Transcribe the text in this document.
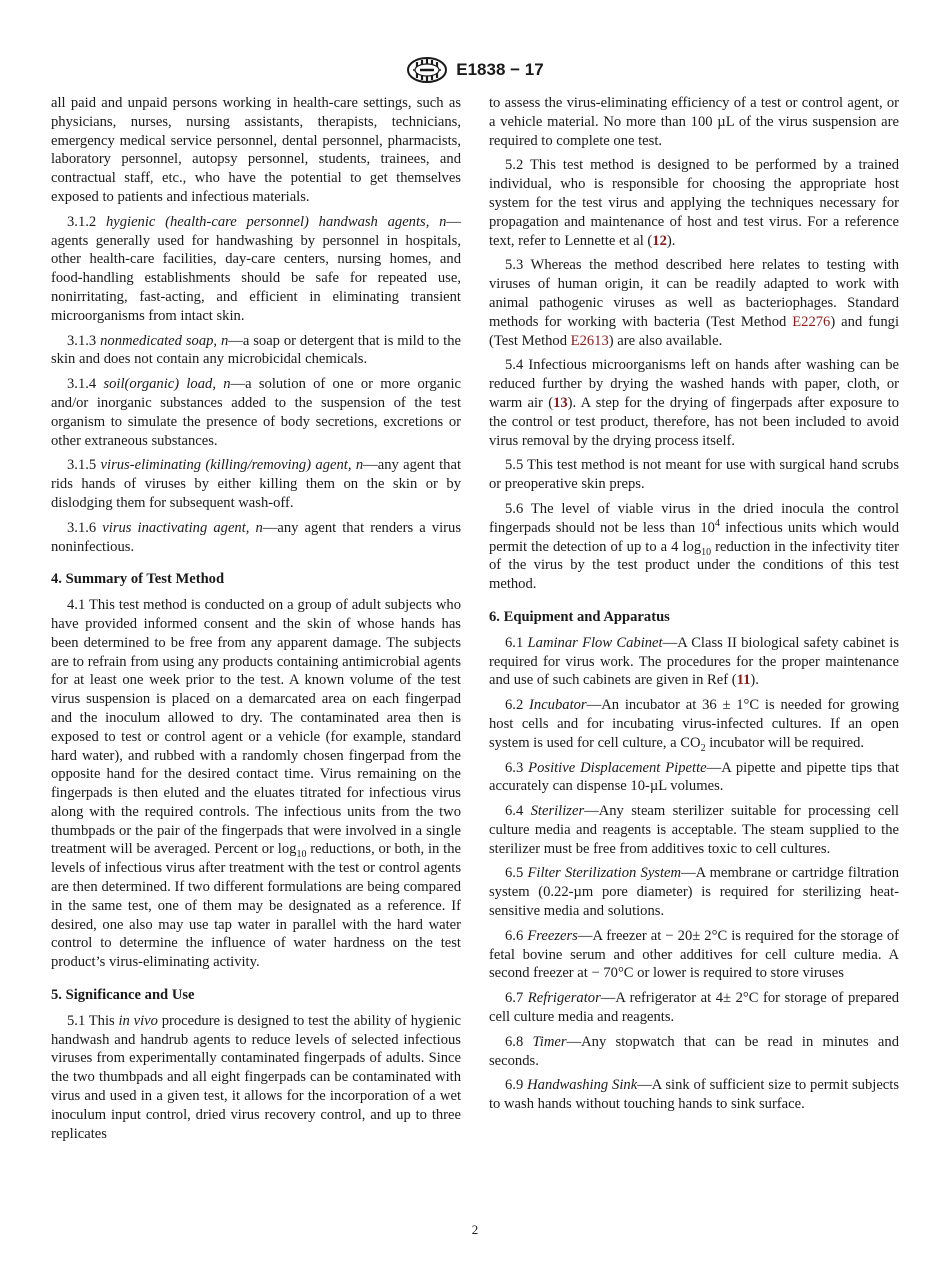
E1838 − 17

all paid and unpaid persons working in health-care settings, such as physicians, nurses, nursing assistants, therapists, technicians, emergency medical service personnel, dental personnel, pharmacists, laboratory personnel, autopsy personnel, students, trainees, and contractual staff, etc., who have the potential to get themselves exposed to patients and infectious materials.

3.1.2 hygienic (health-care personnel) handwash agents, n—agents generally used for handwashing by personnel in hospitals, other health-care facilities, day-care centers, nursing homes, and food-handling establishments should be safe for repeated use, nonirritating, fast-acting, and efficient in eliminating transient microorganisms from intact skin.

3.1.3 nonmedicated soap, n—a soap or detergent that is mild to the skin and does not contain any microbicidal chemicals.

3.1.4 soil(organic) load, n—a solution of one or more organic and/or inorganic substances added to the suspension of the test organism to simulate the presence of body secretions, excretions or other extraneous substances.

3.1.5 virus-eliminating (killing/removing) agent, n—any agent that rids hands of viruses by either killing them on the skin or by dislodging them for subsequent wash-off.

3.1.6 virus inactivating agent, n—any agent that renders a virus noninfectious.

4. Summary of Test Method

4.1 This test method is conducted on a group of adult subjects who have provided informed consent and the skin of whose hands has been determined to be free from any apparent damage. The subjects are to refrain from using any products containing antimicrobial agents for at least one week prior to the test. A known volume of the test virus suspension is placed on a demarcated area on each fingerpad and the inoculum allowed to dry. The contaminated area then is exposed to test or control agent or a vehicle (for example, standard hard water), and rubbed with a randomly chosen fingerpad from the opposite hand for the desired contact time. Virus remaining on the fingerpads is then eluted and the eluates titrated for infectious virus along with the required controls. The infectious units from the two thumbpads or the pair of the fingerpads that were involved in a single treatment will be averaged. Percent or $\log_{10}$ reductions, or both, in the levels of infectious virus after treatment with the test or control agents are then determined. If two different formulations are being compared in the same test, one of them may be designated as a reference. If desired, one also may use tap water in parallel with the hard water control to determine the influence of water hardness on the test product’s virus-eliminating activity.

5. Significance and Use

5.1 This in vivo procedure is designed to test the ability of hygienic handwash and handrub agents to reduce levels of selected infectious viruses from experimentally contaminated fingerpads of adults. Since the two thumbpads and all eight fingerpads can be contaminated with virus and used in a given test, it allows for the incorporation of a wet inoculum input control, dried virus recovery control, and up to three replicates

to assess the virus-eliminating efficiency of a test or control agent, or a vehicle material. No more than 100 µL of the virus suspension are required to complete one test.

5.2 This test method is designed to be performed by a trained individual, who is responsible for choosing the appropriate host system for the test virus and applying the techniques necessary for propagation and maintenance of host and test virus. For a reference text, refer to Lennette et al (12).

5.3 Whereas the method described here relates to testing with viruses of human origin, it can be readily adapted to work with animal pathogenic viruses as well as bacteriophages. Standard methods for working with bacteria (Test Method E2276) and fungi (Test Method E2613) are also available.

5.4 Infectious microorganisms left on hands after washing can be reduced further by drying the washed hands with paper, cloth, or warm air (13). A step for the drying of fingerpads after exposure to the control or test product, therefore, has not been included to avoid virus removal by the drying process itself.

5.5 This test method is not meant for use with surgical hand scrubs or preoperative skin preps.

5.6 The level of viable virus in the dried inocula the control fingerpads should not be less than $10^4$ infectious units which would permit the detection of up to a 4 $\log_{10}$ reduction in the infectivity titer of the virus by the test product under the conditions of this test method.

6. Equipment and Apparatus

6.1 Laminar Flow Cabinet—A Class II biological safety cabinet is required for virus work. The procedures for the proper maintenance and use of such cabinets are given in Ref (11).

6.2 Incubator—An incubator at 36 ± 1°C is needed for growing host cells and for incubating virus-infected cultures. If an open system is used for cell culture, a $CO_2$ incubator will be required.

6.3 Positive Displacement Pipette—A pipette and pipette tips that accurately can dispense 10-µL volumes.

6.4 Sterilizer—Any steam sterilizer suitable for processing cell culture media and reagents is acceptable. The steam supplied to the sterilizer must be free from additives toxic to cell cultures.

6.5 Filter Sterilization System—A membrane or cartridge filtration system (0.22-µm pore diameter) is required for sterilizing heat-sensitive media and solutions.

6.6 Freezers—A freezer at − 20± 2°C is required for the storage of fetal bovine serum and other additives for cell culture media. A second freezer at − 70°C or lower is required to store viruses

6.7 Refrigerator—A refrigerator at 4± 2°C for storage of prepared cell culture media and reagents.

6.8 Timer—Any stopwatch that can be read in minutes and seconds.

6.9 Handwashing Sink—A sink of sufficient size to permit subjects to wash hands without touching hands to sink surface.

2
